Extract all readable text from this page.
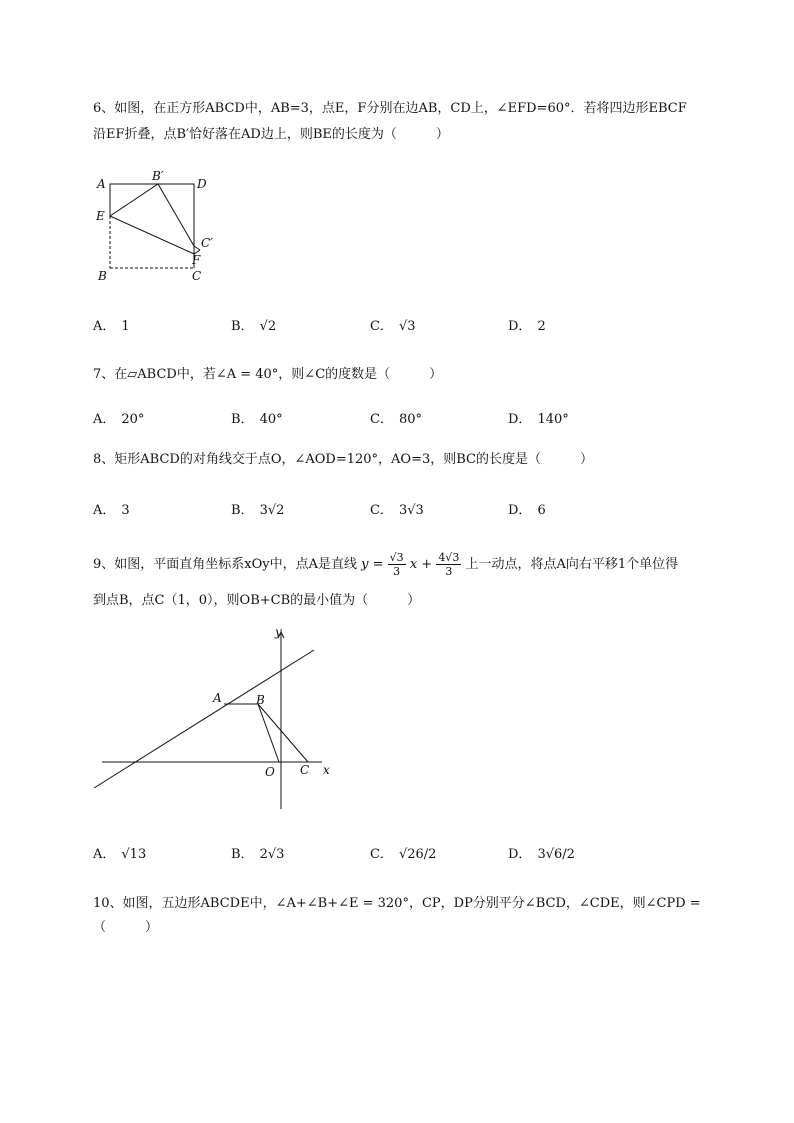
6、如图，在正方形ABCD中，AB=3，点E，F分别在边AB，CD上，∠EFD=60°．若将四边形EBCF
沿EF折叠，点B′恰好落在AD边上，则BE的长度为（　　　）
A
B′
D
E
C′
F
B	C
A． 1	B． √2	C． √3	D． 2
7、在▱ABCD中，若∠A = 40°，则∠C的度数是（　　　）
A． 20°	B． 40°	C． 80°	D． 140°
8、矩形ABCD的对角线交于点O，∠AOD=120°，AO=3，则BC的长度是（　　　）
A． 3	B． 3√2	C． 3√3	D． 6
9、如图，平面直角坐标系xOy中，点A是直线 $y = \frac{√3}{3}$ $x + \frac{4√3}{3}$ 上一动点，将点A向右平移1个单位得
到点B，点C（1，0），则OB+CB的最小值为（　　　）
y
A	B
O C x
A． √13	B． 2√3	C． √26/2	D． 3√6/2
10、如图，五边形ABCDE中，∠A+∠B+∠E = 320°，CP，DP分别平分∠BCD，∠CDE，则∠CPD =
（　　　）
